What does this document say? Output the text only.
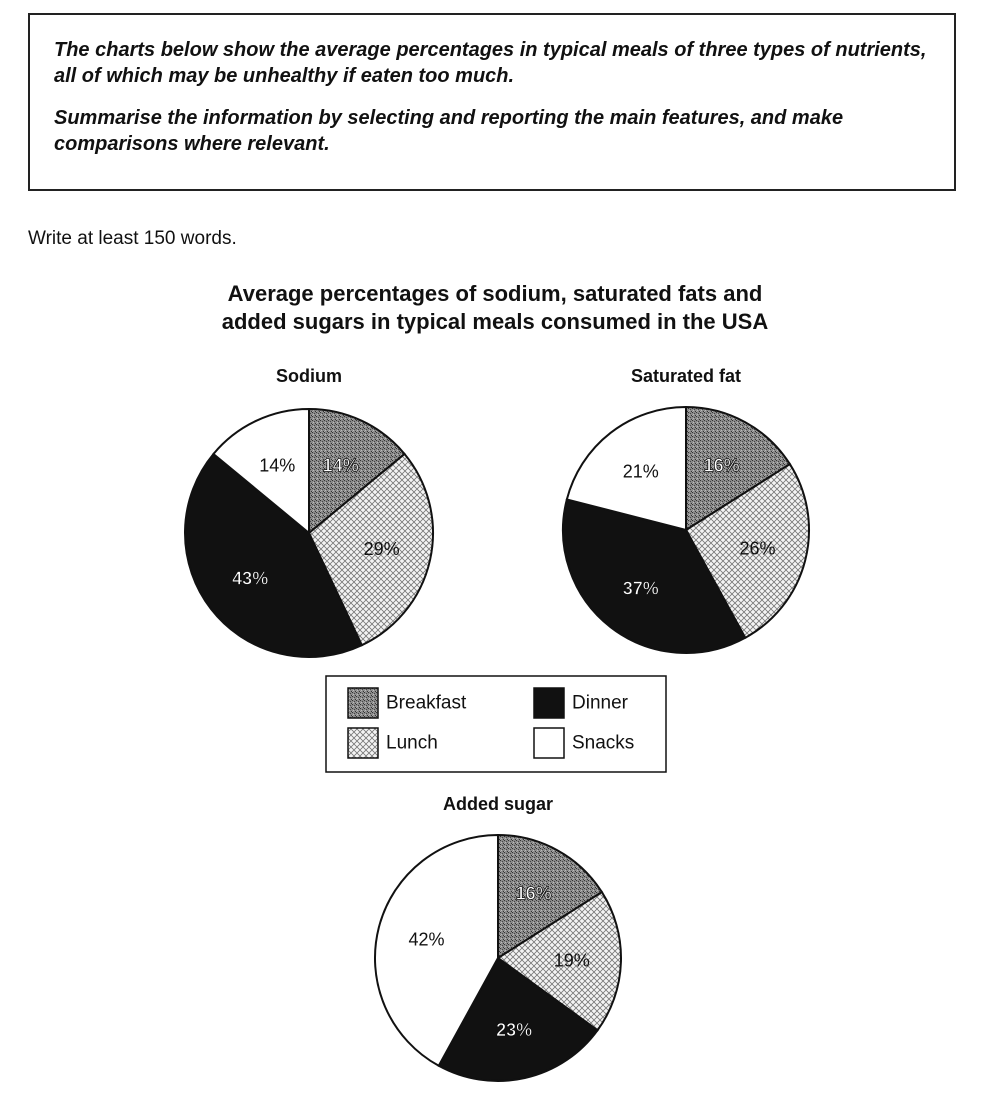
The charts below show the average percentages in typical meals of three types of nutrients, all of which may be unhealthy if eaten too much.

Summarise the information by selecting and reporting the main features, and make comparisons where relevant.

Write at least 150 words.
Average percentages of sodium, saturated fats and
added sugars in typical meals consumed in the USA
Sodium
14%
29%
43%
14%
Saturated fat
16%
26%
37%
21%
Added sugar
16%
19%
23%
42%
Breakfast	Dinner
Lunch	Snacks
